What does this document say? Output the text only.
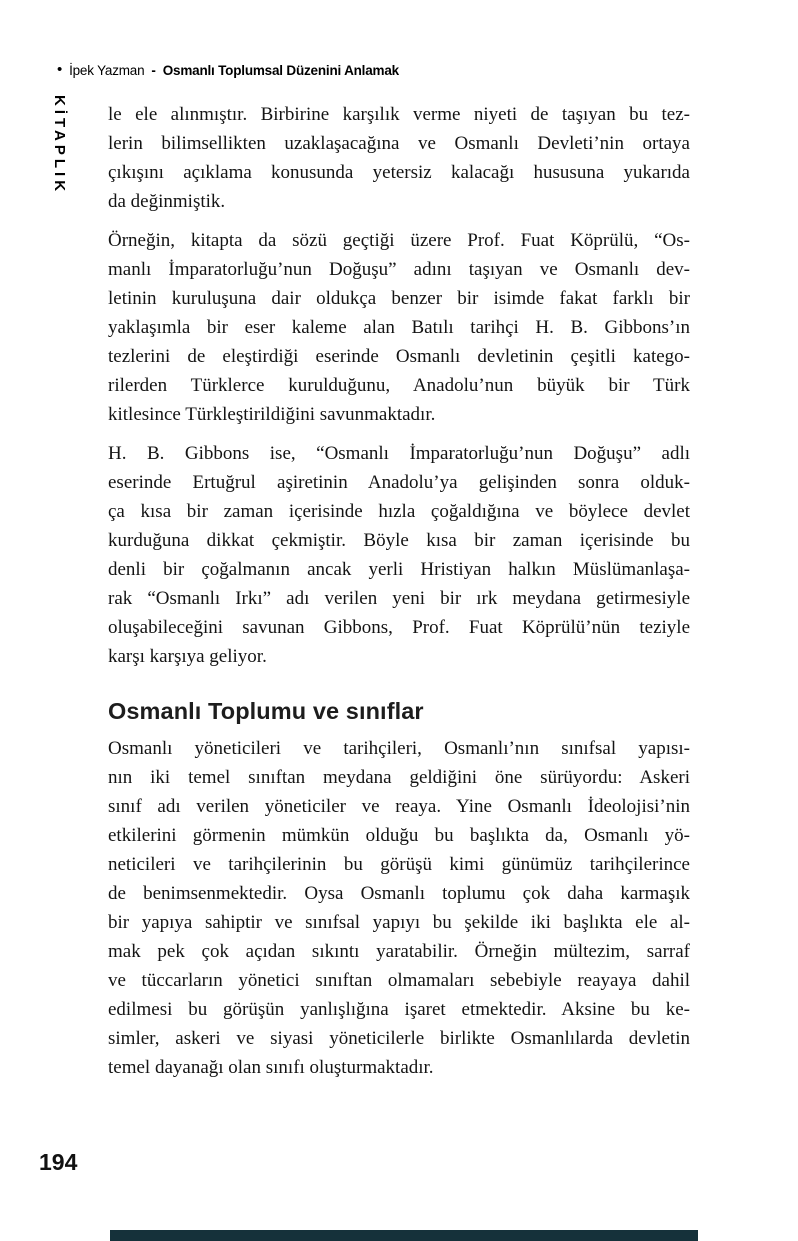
• İpek Yazman - Osmanlı Toplumsal Düzenini Anlamak
KİTAPLIK le ele alınmıştır. Birbirine karşılık verme niyeti de taşıyan bu tez-
lerin bilimsellikten uzaklaşacağına ve Osmanlı Devleti’nin ortaya
çıkışını açıklama konusunda yetersiz kalacağı hususuna yukarıda
da değinmiştik.
Örneğin, kitapta da sözü geçtiği üzere Prof. Fuat Köprülü, “Os-
manlı İmparatorluğu’nun Doğuşu” adını taşıyan ve Osmanlı dev-
letinin kuruluşuna dair oldukça benzer bir isimde fakat farklı bir
yaklaşımla bir eser kaleme alan Batılı tarihçi H. B. Gibbons’ın
tezlerini de eleştirdiği eserinde Osmanlı devletinin çeşitli katego-
rilerden Türklerce kurulduğunu, Anadolu’nun büyük bir Türk
kitlesince Türkleştirildiğini savunmaktadır.
H. B. Gibbons ise, “Osmanlı İmparatorluğu’nun Doğuşu” adlı
eserinde Ertuğrul aşiretinin Anadolu’ya gelişinden sonra olduk-
ça kısa bir zaman içerisinde hızla çoğaldığına ve böylece devlet
kurduğuna dikkat çekmiştir. Böyle kısa bir zaman içerisinde bu
denli bir çoğalmanın ancak yerli Hristiyan halkın Müslümanlaşa-
rak “Osmanlı Irkı” adı verilen yeni bir ırk meydana getirmesiyle
oluşabileceğini savunan Gibbons, Prof. Fuat Köprülü’nün teziyle
karşı karşıya geliyor.
Osmanlı Toplumu ve sınıflar
Osmanlı yöneticileri ve tarihçileri, Osmanlı’nın sınıfsal yapısı-
nın iki temel sınıftan meydana geldiğini öne sürüyordu: Askeri
sınıf adı verilen yöneticiler ve reaya. Yine Osmanlı İdeolojisi’nin
etkilerini görmenin mümkün olduğu bu başlıkta da, Osmanlı yö-
neticileri ve tarihçilerinin bu görüşü kimi günümüz tarihçilerince
de benimsenmektedir. Oysa Osmanlı toplumu çok daha karmaşık
bir yapıya sahiptir ve sınıfsal yapıyı bu şekilde iki başlıkta ele al-
mak pek çok açıdan sıkıntı yaratabilir. Örneğin mültezim, sarraf
ve tüccarların yönetici sınıftan olmamaları sebebiyle reayaya dahil
edilmesi bu görüşün yanlışlığına işaret etmektedir. Aksine bu ke-
simler, askeri ve siyasi yöneticilerle birlikte Osmanlılarda devletin
temel dayanağı olan sınıfı oluşturmaktadır.
194
